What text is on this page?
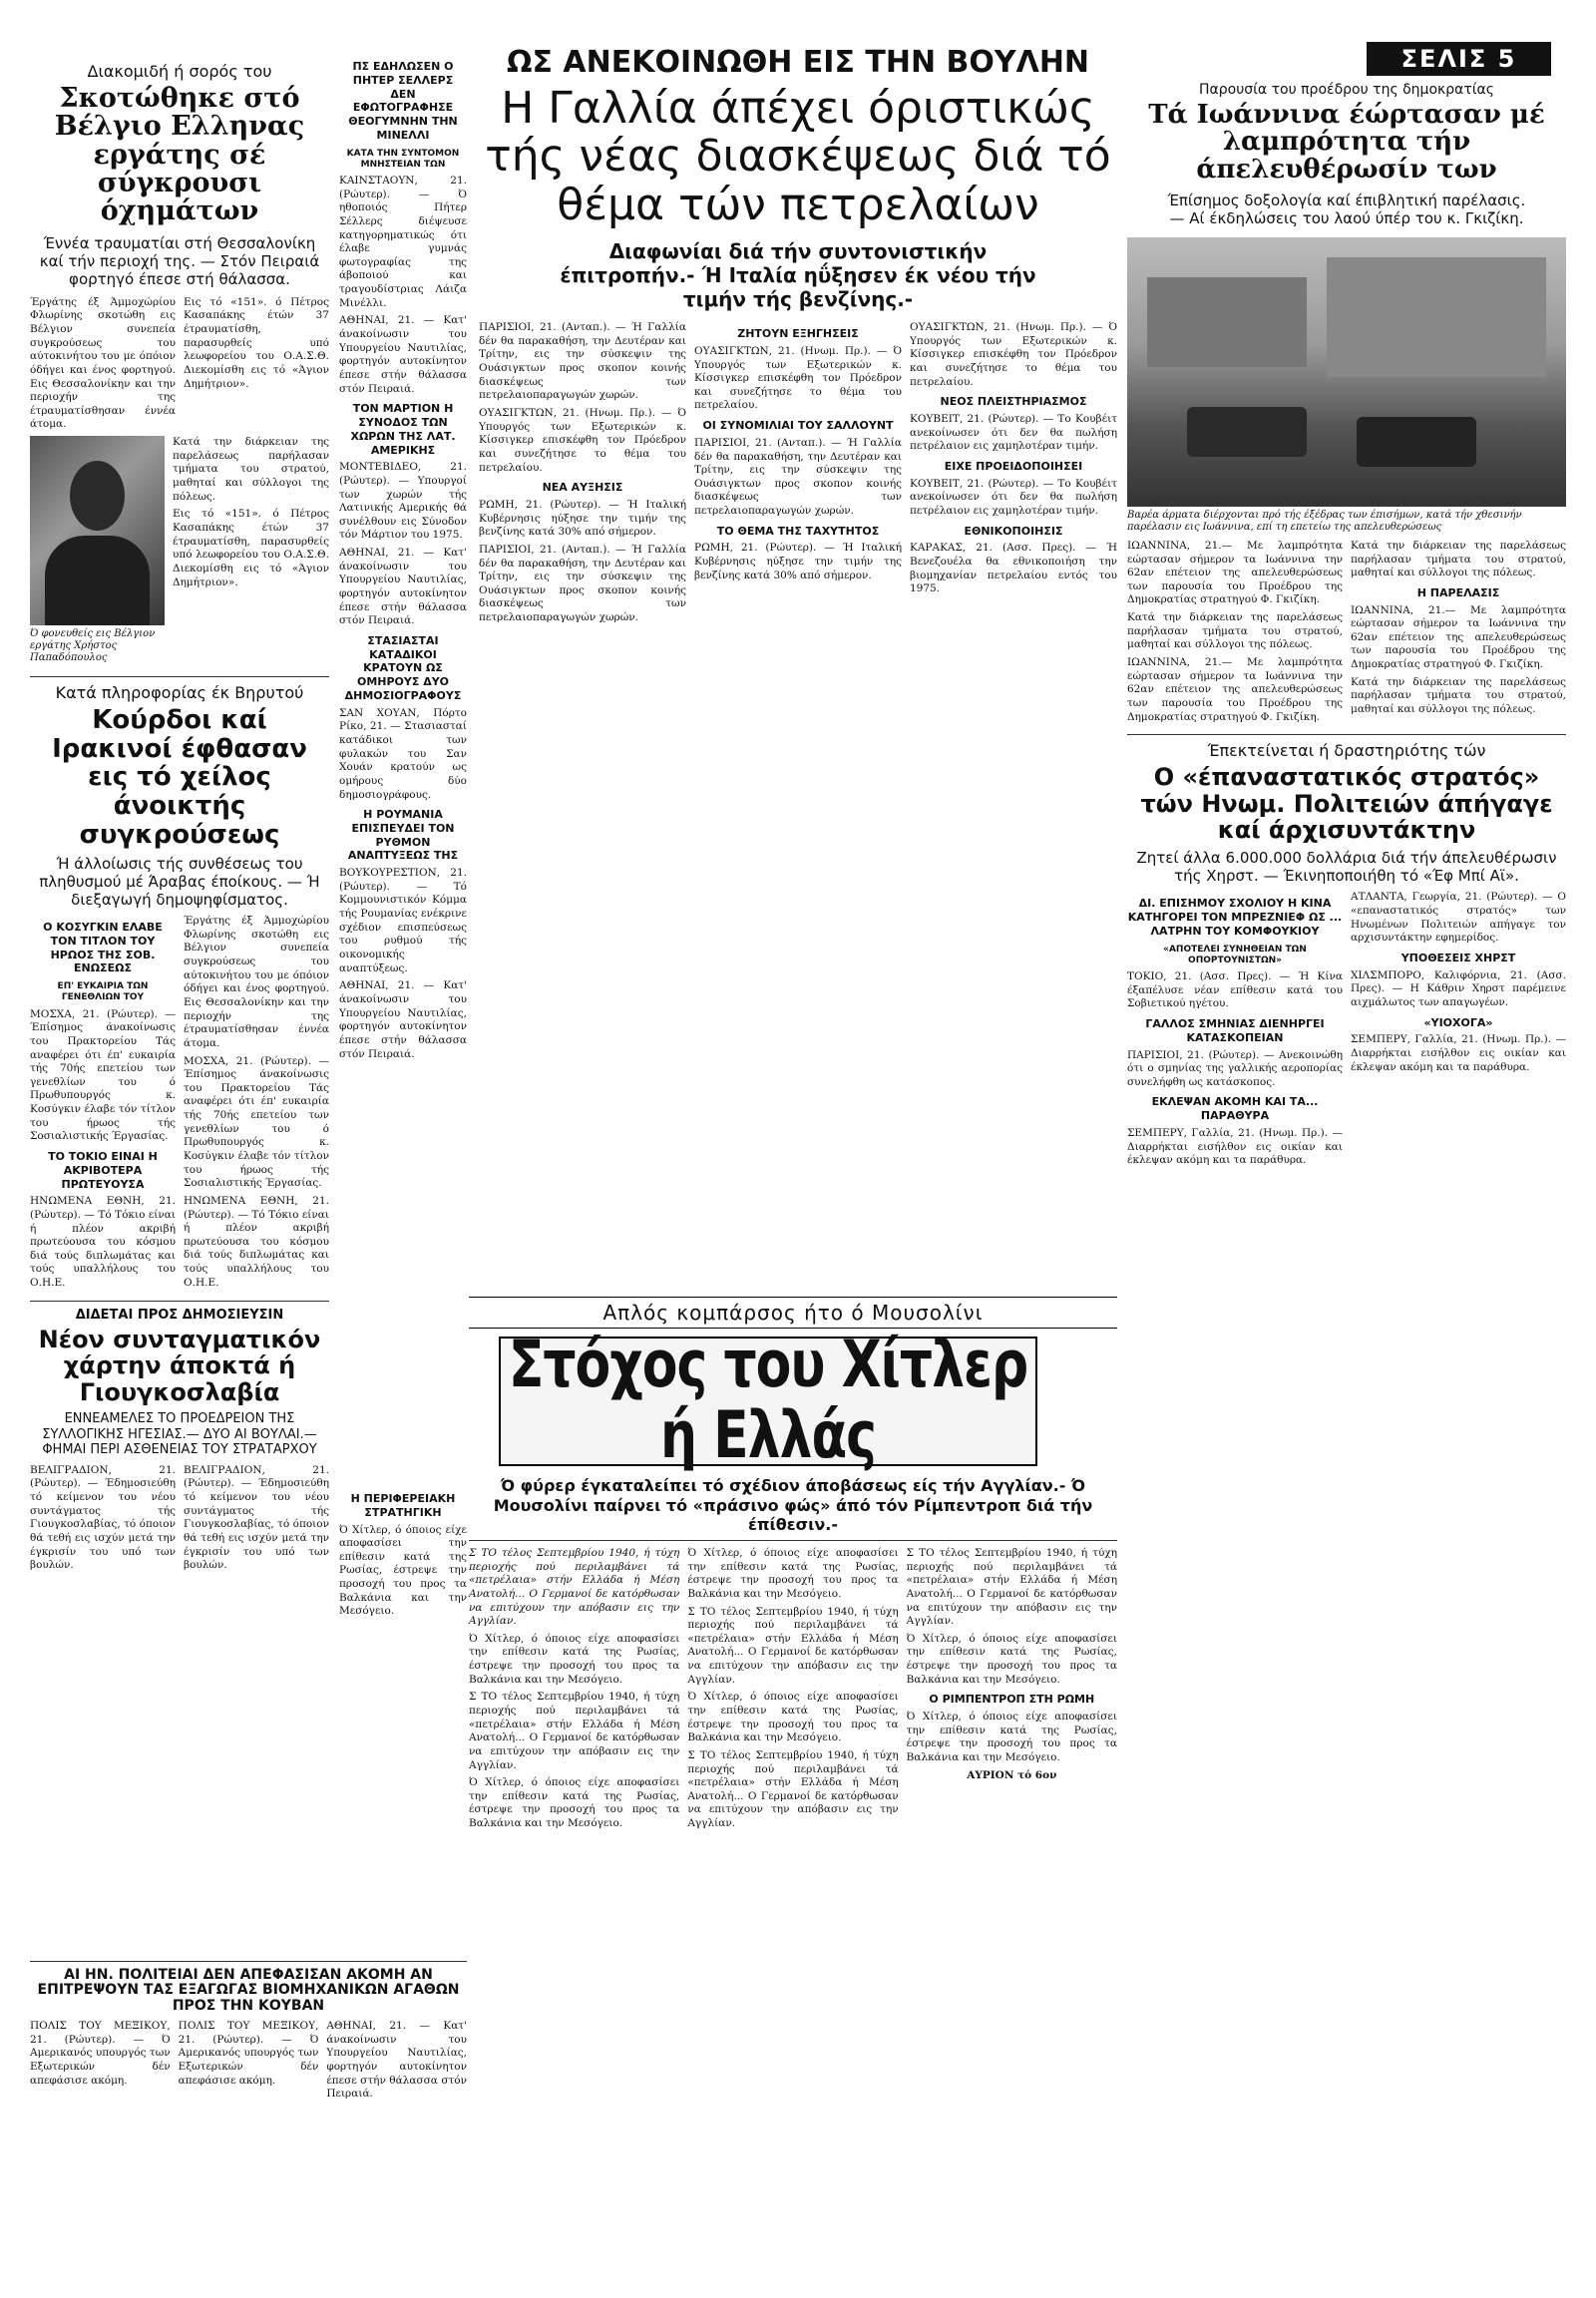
Διακομιδή ή σορός του
Σκοτώθηκε στό Βέλγιο Ελληνας εργάτης σέ σύγκρουσι όχημάτων
Έννέα τραυματίαι στή Θεσσαλονίκη καί τήν περιοχή της. — Στόν Πειραιά φορτηγό έπεσε στή θάλασσα.

Έργάτης έξ Άμμοχώρίου Φλωρίνης σκοτώθη εις Βέλγιον συνεπεία συγκρούσεως του αύτοκινήτου του με όπόιον όδήγει και ένος φορτηγού. Εις Θεσσαλονίκην και την περιοχήν της έτραυματίσθησαν έννέα άτομα.

Εις τό «151». ό Πέτρος Κασαπάκης έτών 37 έτραυματίσθη, παρασυρθείς υπό λεωφορείου του Ο.Α.Σ.Θ. Διεκομίσθη εις τό «Άγιον Δημήτριον».

Ό φονευθείς εις Βέλγιον εργάτης Χρήστος Παπαδόπουλος

Κατά την διάρκειαν της παρελάσεως παρήλασαν τμήματα του στρατού, μαθηταί και σύλλογοι της πόλεως.

Εις τό «151». ό Πέτρος Κασαπάκης έτών 37 έτραυματίσθη, παρασυρθείς υπό λεωφορείου του Ο.Α.Σ.Θ. Διεκομίσθη εις τό «Άγιον Δημήτριον».

Κατά πληροφορίας έκ Βηρυτού
Κούρδοι καί Ιρακινοί έφθασαν εις τό χείλος άνοικτής συγκρούσεως
Ή άλλοίωσις τής συνθέσεως του πληθυσμού μέ Άραβας έποίκους. — Ή διεξαγωγή δημοψηφίσματος.
Ο ΚΟΣΥΓΚΙΝ ΕΛΑΒΕ ΤΟΝ ΤΙΤΛΟΝ ΤΟΥ ΗΡΩΟΣ ΤΗΣ ΣΟΒ. ΕΝΩΣΕΩΣ
ΕΠ' ΕΥΚΑΙΡΙΑ ΤΩΝ ΓΕΝΕΘΛΙΩΝ ΤΟΥ

ΜΟΣΧΑ, 21. (Ρώυτερ). — Έπίσημος άνακοίνωσις του Πρακτορείου Τάς αναφέρει ότι έπ' ευκαιρία τής 70ής επετείου των γενεθλίων του ό Πρωθυπουργός κ. Κοσύγκιν έλαβε τόν τίτλον του ήρωος τής Σοσιαλιστικής Έργασίας.

ΤΟ ΤΟΚΙΟ ΕΙΝΑΙ Η ΑΚΡΙΒΟΤΕΡΑ ΠΡΩΤΕΥΟΥΣΑ

ΗΝΩΜΕΝΑ ΕΘΝΗ, 21. (Ρώυτερ). — Τό Τόκιο είναι ή πλέον ακριβή πρωτεύουσα του κόσμου διά τούς διπλωμάτας και τούς υπαλλήλους του Ο.Η.Ε.

Έργάτης έξ Άμμοχώρίου Φλωρίνης σκοτώθη εις Βέλγιον συνεπεία συγκρούσεως του αύτοκινήτου του με όπόιον όδήγει και ένος φορτηγού. Εις Θεσσαλονίκην και την περιοχήν της έτραυματίσθησαν έννέα άτομα.

ΜΟΣΧΑ, 21. (Ρώυτερ). — Έπίσημος άνακοίνωσις του Πρακτορείου Τάς αναφέρει ότι έπ' ευκαιρία τής 70ής επετείου των γενεθλίων του ό Πρωθυπουργός κ. Κοσύγκιν έλαβε τόν τίτλον του ήρωος τής Σοσιαλιστικής Έργασίας.

ΗΝΩΜΕΝΑ ΕΘΝΗ, 21. (Ρώυτερ). — Τό Τόκιο είναι ή πλέον ακριβή πρωτεύουσα του κόσμου διά τούς διπλωμάτας και τούς υπαλλήλους του Ο.Η.Ε.

ΔΙΔΕΤΑΙ ΠΡΟΣ ΔΗΜΟΣΙΕΥΣΙΝ
Νέον συνταγματικόν χάρτην άποκτά ή Γιουγκοσλαβία
ΕΝΝΕΑΜΕΛΕΣ ΤΟ ΠΡΟΕΔΡΕΙΟΝ ΤΗΣ ΣΥΛΛΟΓΙΚΗΣ ΗΓΕΣΙΑΣ.— ΔΥΟ ΑΙ ΒΟΥΛΑΙ.— ΦΗΜΑΙ ΠΕΡΙ ΑΣΘΕΝΕΙΑΣ ΤΟΥ ΣΤΡΑΤΑΡΧΟΥ

ΒΕΛΙΓΡΑΔΙΟΝ, 21. (Ρώυτερ). — Έδημοσιεύθη τό κείμενον του νέου συντάγματος τής Γιουγκοσλαβίας, τό όποιον θά τεθή εις ισχύν μετά την έγκρισίν του υπό των βουλών.

ΒΕΛΙΓΡΑΔΙΟΝ, 21. (Ρώυτερ). — Έδημοσιεύθη τό κείμενον του νέου συντάγματος τής Γιουγκοσλαβίας, τό όποιον θά τεθή εις ισχύν μετά την έγκρισίν του υπό των βουλών.

ΠΣ ΕΔΗΛΩΣΕΝ Ο ΠΗΤΕΡ ΣΕΛΛΕΡΣ ΔΕΝ ΕΦΩΤΟΓΡΑΦΗΣΕ ΘΕΟΓΥΜΝΗΝ ΤΗΝ ΜΙΝΕΛΛΙ
ΚΑΤΑ ΤΗΝ ΣΥΝΤΟΜΟΝ ΜΝΗΣΤΕΙΑΝ ΤΩΝ

ΚΑΙΝΣΤΑΟΥΝ, 21. (Ρώυτερ). — Ό ηθοποιός Πήτερ Σέλλερς διέψευσε κατηγορηματικώς ότι έλαβε γυμνάς φωτογραφίας της άβοποιού και τραγουδίστριας Λάιζα Μινέλλι.

ΑΘΗΝΑΙ, 21. — Κατ' άνακοίνωσιν του Υπουργείου Ναυτιλίας, φορτηγόν αυτοκίνητον έπεσε στήν θάλασσα στόν Πειραιά.

ΤΟΝ ΜΑΡΤΙΟΝ Η ΣΥΝΟΔΟΣ ΤΩΝ ΧΩΡΩΝ ΤΗΣ ΛΑΤ. ΑΜΕΡΙΚΗΣ

ΜΟΝΤΕΒΙΔΕΟ, 21. (Ρώυτερ). — Υπουργοί των χωρών τής Λατινικής Αμερικής θά συνέλθουν εις Σύνοδον τόν Μάρτιον του 1975.

ΑΘΗΝΑΙ, 21. — Κατ' άνακοίνωσιν του Υπουργείου Ναυτιλίας, φορτηγόν αυτοκίνητον έπεσε στήν θάλασσα στόν Πειραιά.

ΣΤΑΣΙΑΣΤΑΙ ΚΑΤΑΔΙΚΟΙ ΚΡΑΤΟΥΝ ΩΣ ΟΜΗΡΟΥΣ ΔΥΟ ΔΗΜΟΣΙΟΓΡΑΦΟΥΣ

ΣΑΝ ΧΟΥΑΝ, Πόρτο Ρίκο, 21. — Στασιασταί κατάδικοι των φυλακών του Σαν Χουάν κρατούν ως ομήρους δύο δημοσιογράφους.

Η ΡΟΥΜΑΝΙΑ ΕΠΙΣΠΕΥΔΕΙ ΤΟΝ ΡΥΘΜΟΝ ΑΝΑΠΤΥΞΕΩΣ ΤΗΣ

ΒΟΥΚΟΥΡΕΣΤΙΟΝ, 21. (Ρώυτερ). — Τό Κομμουνιστικόν Κόμμα τής Ρουμανίας ενέκρινε σχέδιον επισπεύσεως του ρυθμού τής οικονομικής αναπτύξεως.

ΑΘΗΝΑΙ, 21. — Κατ' άνακοίνωσιν του Υπουργείου Ναυτιλίας, φορτηγόν αυτοκίνητον έπεσε στήν θάλασσα στόν Πειραιά.

Η ΠΕΡΙΦΕΡΕΙΑΚΗ ΣΤΡΑΤΗΓΙΚΗ

Ό Χίτλερ, ό όποιος είχε αποφασίσει την επίθεσιν κατά της Ρωσίας, έστρεψε την προσοχή του προς τα Βαλκάνια και την Μεσόγειο.

ΑΙ ΗΝ. ΠΟΛΙΤΕΙΑΙ ΔΕΝ ΑΠΕΦΑΣΙΣΑΝ ΑΚΟΜΗ ΑΝ ΕΠΙΤΡΕΨΟΥΝ ΤΑΣ ΕΞΑΓΩΓΑΣ ΒΙΟΜΗΧΑΝΙΚΩΝ ΑΓΑΘΩΝ ΠΡΟΣ ΤΗΝ ΚΟΥΒΑΝ

ΠΟΛΙΣ ΤΟΥ ΜΕΞΙΚΟΥ, 21. (Ρώυτερ). — Ό Αμερικανός υπουργός των Εξωτερικών δέν απεφάσισε ακόμη.

ΠΟΛΙΣ ΤΟΥ ΜΕΞΙΚΟΥ, 21. (Ρώυτερ). — Ό Αμερικανός υπουργός των Εξωτερικών δέν απεφάσισε ακόμη.

ΑΘΗΝΑΙ, 21. — Κατ' άνακοίνωσιν του Υπουργείου Ναυτιλίας, φορτηγόν αυτοκίνητον έπεσε στήν θάλασσα στόν Πειραιά.

ΩΣ ΑΝΕΚΟΙΝΩΘΗ ΕΙΣ ΤΗΝ ΒΟΥΛΗΝ
Η Γαλλία άπέχει όριστικώς τής νέας διασκέψεως διά τό θέμα τών πετρελαίων
Διαφωνίαι διά τήν συντονιστικήν έπιτροπήν.- Ή Ιταλία ηΰξησεν έκ νέου τήν τιμήν τής βενζίνης.-

ΠΑΡΙΣΙΟΙ, 21. (Ανταπ.). — Ή Γαλλία δέν θα παρακαθήση, την Δευτέραν και Τρίτην, εις την σύσκεψιν της Ουάσιγκτων προς σκοπον κοινής διασκέψεως των πετρελαιοπαραγωγών χωρών.

ΟΥΑΣΙΓΚΤΩΝ, 21. (Ηνωμ. Πρ.). — Ό Υπουργός των Εξωτερικών κ. Κίσσιγκερ επισκέφθη τον Πρόεδρον και συνεζήτησε το θέμα του πετρελαίου.

ΝΕΑ ΑΥΞΗΣΙΣ

ΡΩΜΗ, 21. (Ρώυτερ). — Ή Ιταλική Κυβέρνησις ηύξησε την τιμήν της βενζίνης κατά 30% από σήμερον.

ΠΑΡΙΣΙΟΙ, 21. (Ανταπ.). — Ή Γαλλία δέν θα παρακαθήση, την Δευτέραν και Τρίτην, εις την σύσκεψιν της Ουάσιγκτων προς σκοπον κοινής διασκέψεως των πετρελαιοπαραγωγών χωρών.

ΖΗΤΟΥΝ ΕΞΗΓΗΣΕΙΣ

ΟΥΑΣΙΓΚΤΩΝ, 21. (Ηνωμ. Πρ.). — Ό Υπουργός των Εξωτερικών κ. Κίσσιγκερ επισκέφθη τον Πρόεδρον και συνεζήτησε το θέμα του πετρελαίου.

ΟΙ ΣΥΝΟΜΙΛΙΑΙ ΤΟΥ ΣΑΛΛΟΥΝΤ

ΠΑΡΙΣΙΟΙ, 21. (Ανταπ.). — Ή Γαλλία δέν θα παρακαθήση, την Δευτέραν και Τρίτην, εις την σύσκεψιν της Ουάσιγκτων προς σκοπον κοινής διασκέψεως των πετρελαιοπαραγωγών χωρών.

ΤΟ ΘΕΜΑ ΤΗΣ ΤΑΧΥΤΗΤΟΣ

ΡΩΜΗ, 21. (Ρώυτερ). — Ή Ιταλική Κυβέρνησις ηύξησε την τιμήν της βενζίνης κατά 30% από σήμερον.

ΟΥΑΣΙΓΚΤΩΝ, 21. (Ηνωμ. Πρ.). — Ό Υπουργός των Εξωτερικών κ. Κίσσιγκερ επισκέφθη τον Πρόεδρον και συνεζήτησε το θέμα του πετρελαίου.

ΝΕΟΣ ΠΛΕΙΣΤΗΡΙΑΣΜΟΣ

ΚΟΥΒΕΙΤ, 21. (Ρώυτερ). — Το Κουβέιτ ανεκοίνωσεν ότι δεν θα πωλήση πετρέλαιον εις χαμηλοτέραν τιμήν.

ΕΙΧΕ ΠΡΟΕΙΔΟΠΟΙΗΣΕΙ

ΚΟΥΒΕΙΤ, 21. (Ρώυτερ). — Το Κουβέιτ ανεκοίνωσεν ότι δεν θα πωλήση πετρέλαιον εις χαμηλοτέραν τιμήν.

ΕΘΝΙΚΟΠΟΙΗΣΙΣ

ΚΑΡΑΚΑΣ, 21. (Ασσ. Πρες). — Ή Βενεζουέλα θα εθνικοποιήση την βιομηχανίαν πετρελαίου εντός του 1975.

Απλός κομπάρσος ήτο ό Μουσολίνι
Στόχος του Χίτλερ ή Ελλάς
Ό φύρερ έγκαταλείπει τό σχέδιον άποβάσεως είς τήν Αγγλίαν.- Ό Μουσολίνι παίρνει τό «πράσινο φώς» άπό τόν Ρίμπεντροπ διά τήν έπίθεσιν.-

Σ ΤΟ τέλος Σεπτεμβρίου 1940, ή τύχη περιοχής πού περιλαμβάνει τά «πετρέλαια» στήν Ελλάδα ή Μέση Ανατολή... Ο Γερμανοί δε κατόρθωσαν να επιτύχουν την απόβασιν εις την Αγγλίαν.

Ό Χίτλερ, ό όποιος είχε αποφασίσει την επίθεσιν κατά της Ρωσίας, έστρεψε την προσοχή του προς τα Βαλκάνια και την Μεσόγειο.

Σ ΤΟ τέλος Σεπτεμβρίου 1940, ή τύχη περιοχής πού περιλαμβάνει τά «πετρέλαια» στήν Ελλάδα ή Μέση Ανατολή... Ο Γερμανοί δε κατόρθωσαν να επιτύχουν την απόβασιν εις την Αγγλίαν.

Ό Χίτλερ, ό όποιος είχε αποφασίσει την επίθεσιν κατά της Ρωσίας, έστρεψε την προσοχή του προς τα Βαλκάνια και την Μεσόγειο.

Ό Χίτλερ, ό όποιος είχε αποφασίσει την επίθεσιν κατά της Ρωσίας, έστρεψε την προσοχή του προς τα Βαλκάνια και την Μεσόγειο.

Σ ΤΟ τέλος Σεπτεμβρίου 1940, ή τύχη περιοχής πού περιλαμβάνει τά «πετρέλαια» στήν Ελλάδα ή Μέση Ανατολή... Ο Γερμανοί δε κατόρθωσαν να επιτύχουν την απόβασιν εις την Αγγλίαν.

Ό Χίτλερ, ό όποιος είχε αποφασίσει την επίθεσιν κατά της Ρωσίας, έστρεψε την προσοχή του προς τα Βαλκάνια και την Μεσόγειο.

Σ ΤΟ τέλος Σεπτεμβρίου 1940, ή τύχη περιοχής πού περιλαμβάνει τά «πετρέλαια» στήν Ελλάδα ή Μέση Ανατολή... Ο Γερμανοί δε κατόρθωσαν να επιτύχουν την απόβασιν εις την Αγγλίαν.

Σ ΤΟ τέλος Σεπτεμβρίου 1940, ή τύχη περιοχής πού περιλαμβάνει τά «πετρέλαια» στήν Ελλάδα ή Μέση Ανατολή... Ο Γερμανοί δε κατόρθωσαν να επιτύχουν την απόβασιν εις την Αγγλίαν.

Ό Χίτλερ, ό όποιος είχε αποφασίσει την επίθεσιν κατά της Ρωσίας, έστρεψε την προσοχή του προς τα Βαλκάνια και την Μεσόγειο.

Ο ΡΙΜΠΕΝΤΡΟΠ ΣΤΗ ΡΩΜΗ

Ό Χίτλερ, ό όποιος είχε αποφασίσει την επίθεσιν κατά της Ρωσίας, έστρεψε την προσοχή του προς τα Βαλκάνια και την Μεσόγειο.

ΑΥΡΙΟΝ τό 6ον

ΣΕΛΙΣ 5
Παρουσία του προέδρου της δημοκρατίας
Τά Ιωάννινα έώρτασαν μέ λαμπρότητα τήν άπελευθέρωσίν των
Έπίσημος δοξολογία καί έπιβλητική παρέλασις. — Αί έκδηλώσεις του λαού ύπέρ του κ. Γκιζίκη.
Βαρέα άρματα διέρχονται πρό τής έξέδρας των έπισήμων, κατά τήν χθεσινήν παρέλασιν εις Ιωάννινα, επί τη επετείω της απελευθερώσεως

ΙΩΑΝΝΙΝΑ, 21.— Με λαμπρότητα εώρτασαν σήμερον τα Ιωάννινα την 62αν επέτειον της απελευθερώσεως των παρουσία του Προέδρου της Δημοκρατίας στρατηγού Φ. Γκιζίκη.

Κατά την διάρκειαν της παρελάσεως παρήλασαν τμήματα του στρατού, μαθηταί και σύλλογοι της πόλεως.

ΙΩΑΝΝΙΝΑ, 21.— Με λαμπρότητα εώρτασαν σήμερον τα Ιωάννινα την 62αν επέτειον της απελευθερώσεως των παρουσία του Προέδρου της Δημοκρατίας στρατηγού Φ. Γκιζίκη.

Κατά την διάρκειαν της παρελάσεως παρήλασαν τμήματα του στρατού, μαθηταί και σύλλογοι της πόλεως.

Η ΠΑΡΕΛΑΣΙΣ

ΙΩΑΝΝΙΝΑ, 21.— Με λαμπρότητα εώρτασαν σήμερον τα Ιωάννινα την 62αν επέτειον της απελευθερώσεως των παρουσία του Προέδρου της Δημοκρατίας στρατηγού Φ. Γκιζίκη.

Κατά την διάρκειαν της παρελάσεως παρήλασαν τμήματα του στρατού, μαθηταί και σύλλογοι της πόλεως.

Έπεκτείνεται ή δραστηριότης τών
Ο «έπαναστατικός στρατός» τών Ηνωμ. Πολιτειών άπήγαγε καί άρχισυντάκτην
Ζητεί άλλα 6.000.000 δολλάρια διά τήν άπελευθέρωσιν τής Χηρστ. — Έκινηποποιήθη τό «Έφ Μπί Αϊ».
ΔΙ. ΕΠΙΣΗΜΟΥ ΣΧΟΛΙΟΥ Η ΚΙΝΑ ΚΑΤΗΓΟΡΕΙ ΤΟΝ ΜΠΡΕΖΝΙΕΦ ΩΣ ... ΛΑΤΡΗΝ ΤΟΥ ΚΟΜΦΟΥΚΙΟΥ
«ΑΠΟΤΕΛΕΙ ΣΥΝΗΘΕΙΑΝ ΤΩΝ ΟΠΟΡΤΟΥΝΙΣΤΩΝ»

ΤΟΚΙΟ, 21. (Ασσ. Πρες). — Ή Κίνα έξαπέλυσε νέαν επίθεσιν κατά του Σοβιετικού ηγέτου.

ΓΑΛΛΟΣ ΣΜΗΝΙΑΣ ΔΙΕΝΗΡΓΕΙ ΚΑΤΑΣΚΟΠΕΙΑΝ

ΠΑΡΙΣΙΟΙ, 21. (Ρώυτερ). — Ανεκοινώθη ότι ο σμηνίας της γαλλικής αεροπορίας συνελήφθη ως κατάσκοπος.

ΕΚΛΕΨΑΝ ΑΚΟΜΗ ΚΑΙ ΤΑ... ΠΑΡΑΘΥΡΑ

ΣΕΜΠΕΡΥ, Γαλλία, 21. (Ηνωμ. Πρ.). — Διαρρήκται εισήλθον εις οικίαν και έκλεψαν ακόμη και τα παράθυρα.

ΑΤΛΑΝΤΑ, Γεωργία, 21. (Ρώυτερ). — Ο «επαναστατικός στρατός» των Ηνωμένων Πολιτειών απήγαγε τον αρχισυντάκτην εφημερίδος.

ΥΠΟΘΕΣΕΙΣ ΧΗΡΣΤ

ΧΙΛΣΜΠΟΡΟ, Καλιφόρνια, 21. (Ασσ. Πρες). — Η Κάθριν Χηρστ παρέμεινε αιχμάλωτος των απαγωγέων.

«ΥΙΟΧΟΓΑ»

ΣΕΜΠΕΡΥ, Γαλλία, 21. (Ηνωμ. Πρ.). — Διαρρήκται εισήλθον εις οικίαν και έκλεψαν ακόμη και τα παράθυρα.
